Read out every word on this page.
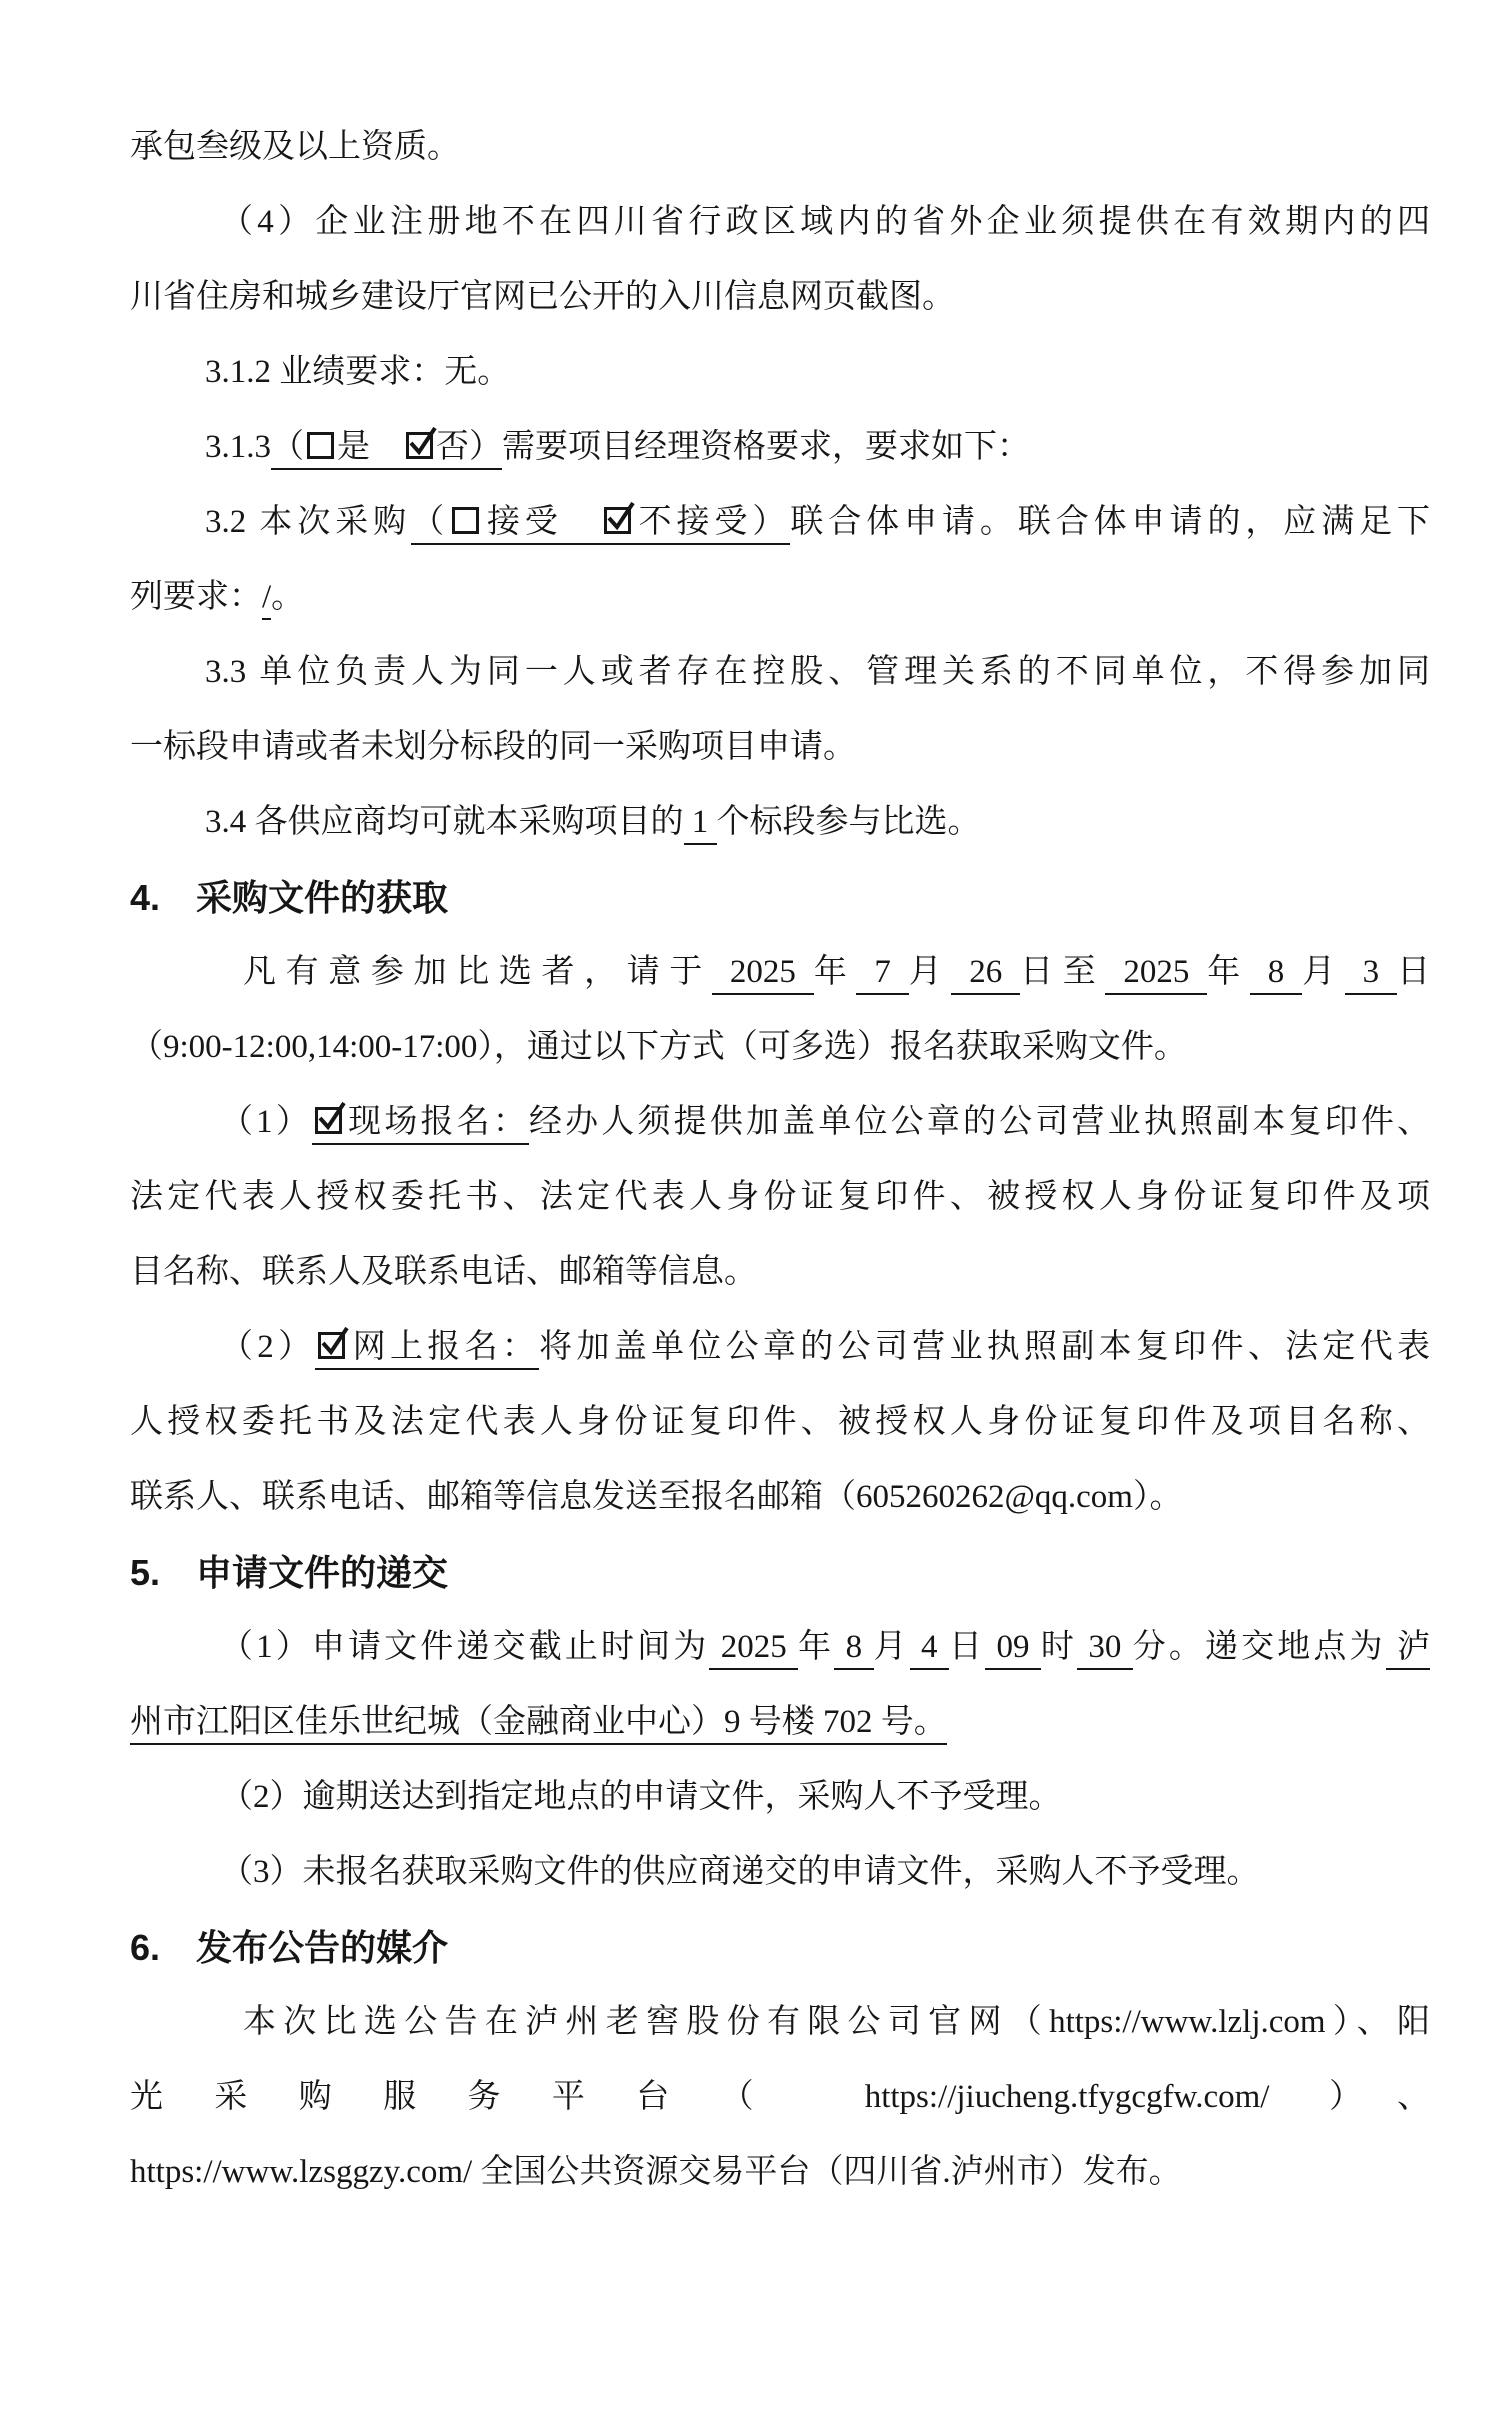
承包叁级及以上资质。
（4）企业注册地不在四川省行政区域内的省外企业须提供在有效期内的四
川省住房和城乡建设厅官网已公开的入川信息网页截图。
3.1.2 业绩要求：无。
3.1.3（ 是　
否）需要项目经理资格要求，要求如下：
3.2 本次采购（ 接受　
不接受）联合体申请。联合体申请的，应满足下
列要求：/。
3.3 单位负责人为同一人或者存在控股、管理关系的不同单位，不得参加同
一标段申请或者未划分标段的同一采购项目申请。
3.4 各供应商均可就本采购项目的 1 个标段参与比选。
4.　采购文件的获取
凡有意参加比选者，请于 2025 年 7 月 26 日至 2025 年 8 月 3 日
（9:00-12:00,14:00-17:00），通过以下方式（可多选）报名获取采购文件。
（1） 现场报名：经办人须提供加盖单位公章的公司营业执照副本复印件、
法定代表人授权委托书、法定代表人身份证复印件、被授权人身份证复印件及项
目名称、联系人及联系电话、邮箱等信息。
（2） 网上报名：将加盖单位公章的公司营业执照副本复印件、法定代表
人授权委托书及法定代表人身份证复印件、被授权人身份证复印件及项目名称、
联系人、联系电话、邮箱等信息发送至报名邮箱（605260262@qq.com）。
5.　申请文件的递交
（1）申请文件递交截止时间为 2025 年 8 月 4 日 09 时 30 分。递交地点为 泸
州市江阳区佳乐世纪城（金融商业中心）9 号楼 702 号。
（2）逾期送达到指定地点的申请文件，采购人不予受理。
（3）未报名获取采购文件的供应商递交的申请文件，采购人不予受理。
6.　发布公告的媒介
本次比选公告在泸州老窖股份有限公司官网（https://www.lzlj.com）、阳
光采购服务平台（ https://jiucheng.tfygcgfw.com/ ）、
https://www.lzsggzy.com/ 全国公共资源交易平台（四川省.泸州市）发布。
